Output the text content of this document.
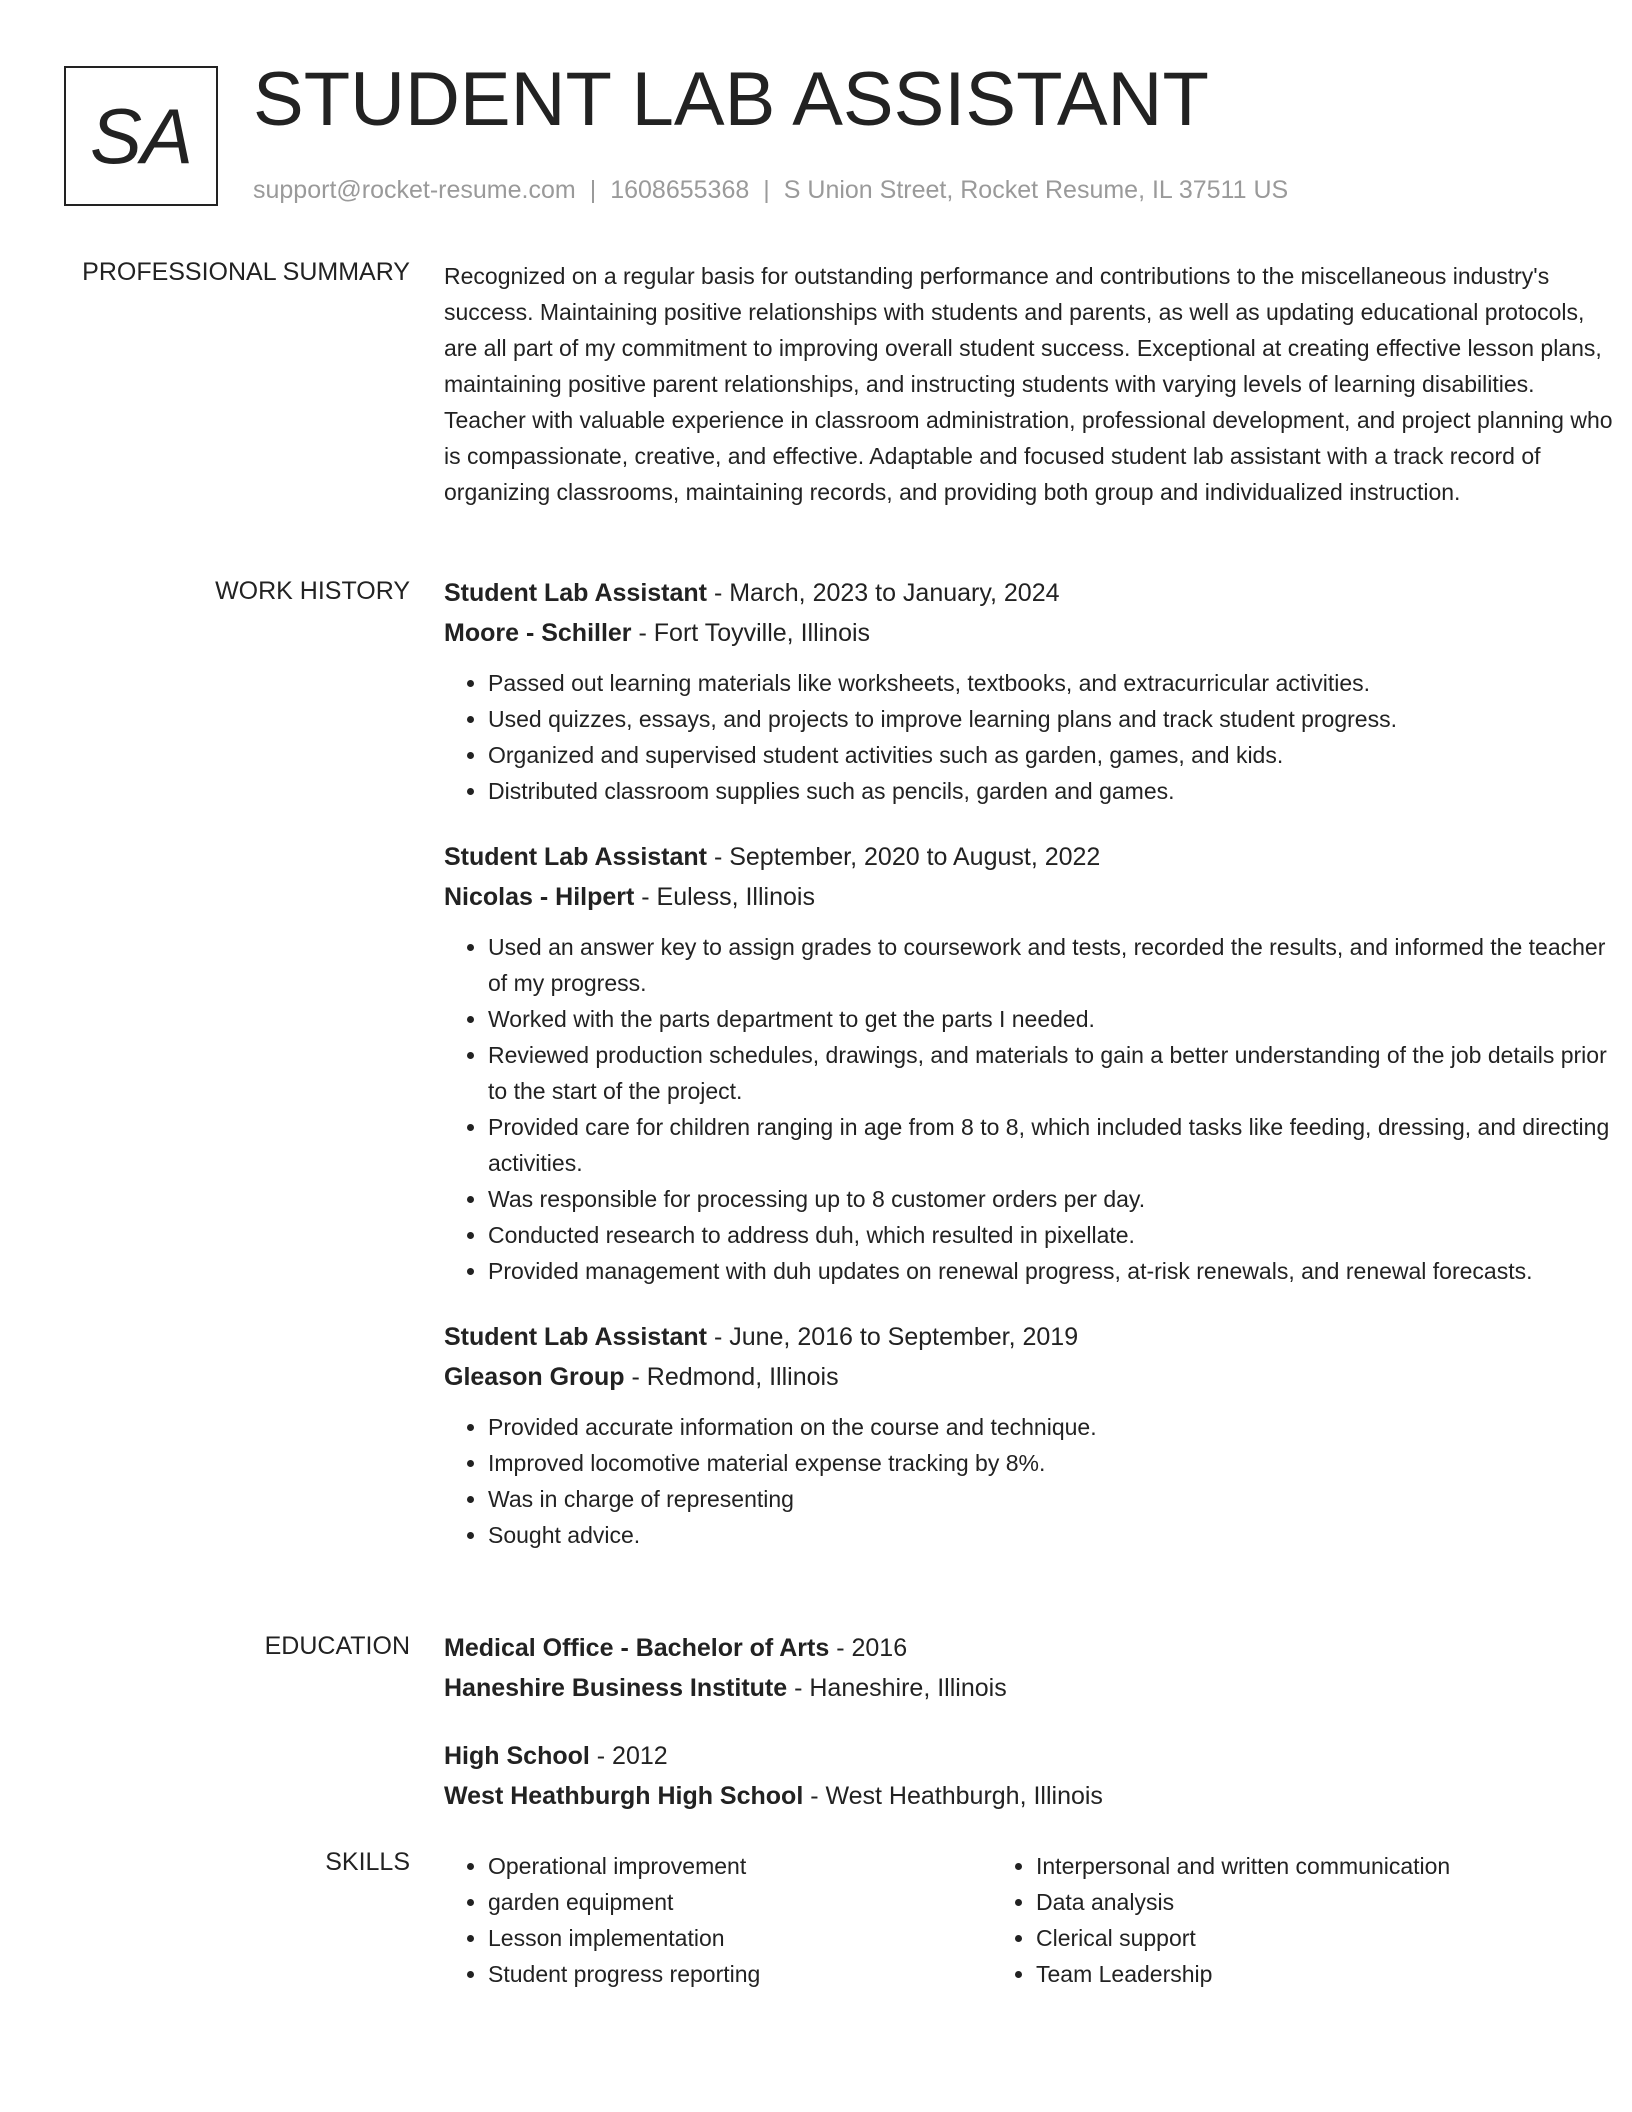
SA STUDENT LAB ASSISTANT
support@rocket-resume.com | 1608655368 | S Union Street, Rocket Resume, IL 37511 US
PROFESSIONAL SUMMARY Recognized on a regular basis for outstanding performance and contributions to the miscellaneous industry's success. Maintaining positive relationships with students and parents, as well as updating educational protocols, are all part of my commitment to improving overall student success. Exceptional at creating effective lesson plans, maintaining positive parent relationships, and instructing students with varying levels of learning disabilities. Teacher with valuable experience in classroom administration, professional development, and project planning who is compassionate, creative, and effective. Adaptable and focused student lab assistant with a track record of organizing classrooms, maintaining records, and providing both group and individualized instruction.

WORK HISTORY Student Lab Assistant - March, 2023 to January, 2024
Moore - Schiller - Fort Toyville, Illinois
• Passed out learning materials like worksheets, textbooks, and extracurricular activities.
• Used quizzes, essays, and projects to improve learning plans and track student progress.
• Organized and supervised student activities such as garden, games, and kids.
• Distributed classroom supplies such as pencils, garden and games.
Student Lab Assistant - September, 2020 to August, 2022
Nicolas - Hilpert - Euless, Illinois
• Used an answer key to assign grades to coursework and tests, recorded the results, and informed the teacher of my progress.
• Worked with the parts department to get the parts I needed.
• Reviewed production schedules, drawings, and materials to gain a better understanding of the job details prior to the start of the project.
• Provided care for children ranging in age from 8 to 8, which included tasks like feeding, dressing, and directing activities.
• Was responsible for processing up to 8 customer orders per day.
• Conducted research to address duh, which resulted in pixellate.
• Provided management with duh updates on renewal progress, at-risk renewals, and renewal forecasts.
Student Lab Assistant - June, 2016 to September, 2019
Gleason Group - Redmond, Illinois
• Provided accurate information on the course and technique.
• Improved locomotive material expense tracking by 8%.
• Was in charge of representing
• Sought advice.
EDUCATION Medical Office - Bachelor of Arts - 2016
Haneshire Business Institute - Haneshire, Illinois
High School - 2012
West Heathburgh High School - West Heathburgh, Illinois
SKILLS
•	Operational improvement
• garden equipment
• Lesson implementation
• Student progress reporting
• Interpersonal and written communication
• Data analysis
• Clerical support
• Team Leadership
